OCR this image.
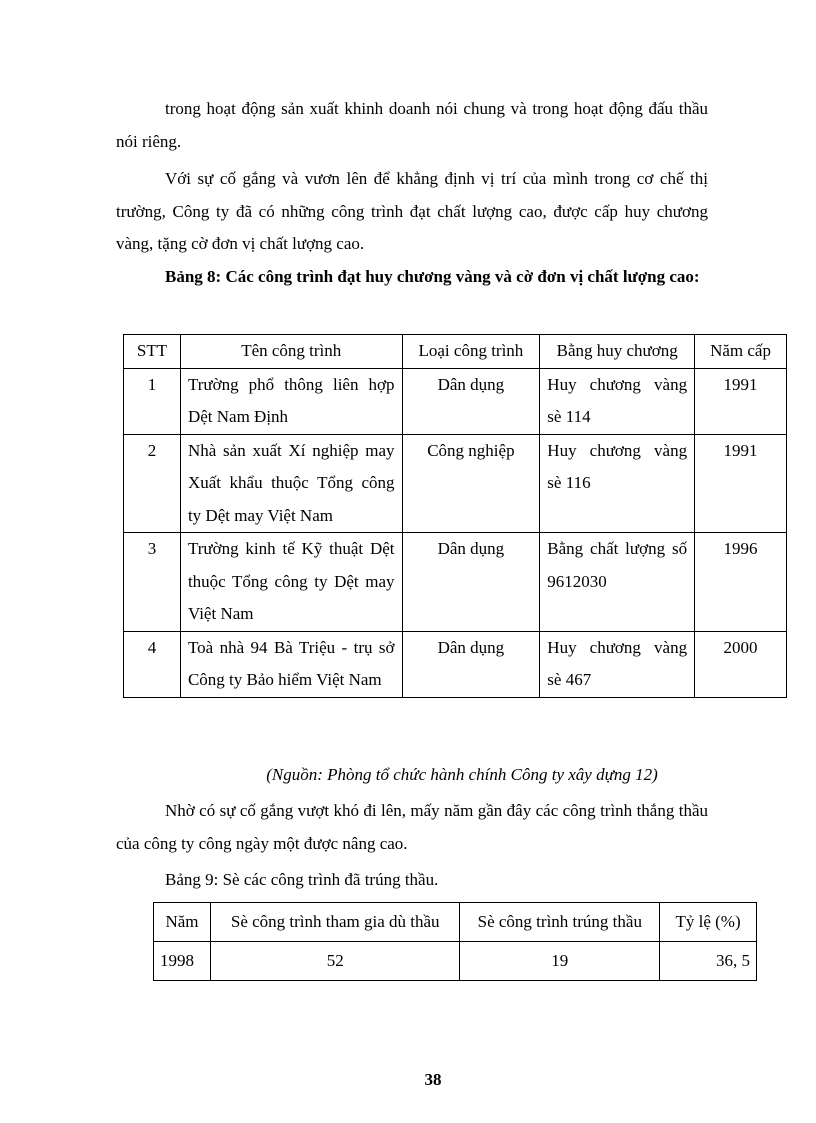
trong hoạt động sản xuất khinh doanh nói chung và trong hoạt động đấu thầu nói riêng.

Với sự cố gắng và vươn lên để khẳng định vị trí của mình trong cơ chế thị trường, Công ty đã có những công trình đạt chất lượng cao, được cấp huy chương vàng, tặng cờ đơn vị chất lượng cao.

Bảng 8: Các công trình đạt huy chương vàng và cờ đơn vị chất lượng cao:

STT	Tên công trình	Loại công trình	Bằng huy chương	Năm cấp
1	Trường phổ thông liên hợp Dệt Nam Định	Dân dụng	Huy chương vàng sè 114	1991
2	Nhà sản xuất Xí nghiệp may Xuất khẩu thuộc Tổng công ty Dệt may Việt Nam	Công nghiệp	Huy chương vàng sè 116	1991
3	Trường kinh tế Kỹ thuật Dệt thuộc Tổng công ty Dệt may Việt Nam	Dân dụng	Bằng chất lượng số 9612030	1996
4	Toà nhà 94 Bà Triệu - trụ sở Công ty Bảo hiểm Việt Nam	Dân dụng	Huy chương vàng sè 467	2000
(Nguồn: Phòng tổ chức hành chính Công ty xây dựng 12)

Nhờ có sự cố gắng vượt khó đi lên, mấy năm gần đây các công trình thắng thầu của công ty công ngày một được nâng cao.

Bảng 9: Sè các công trình đã trúng thầu.

Năm	Sè công trình tham gia dù thầu	Sè công trình trúng thầu	Tỷ lệ (%)
1998	52	19	36, 5
38
